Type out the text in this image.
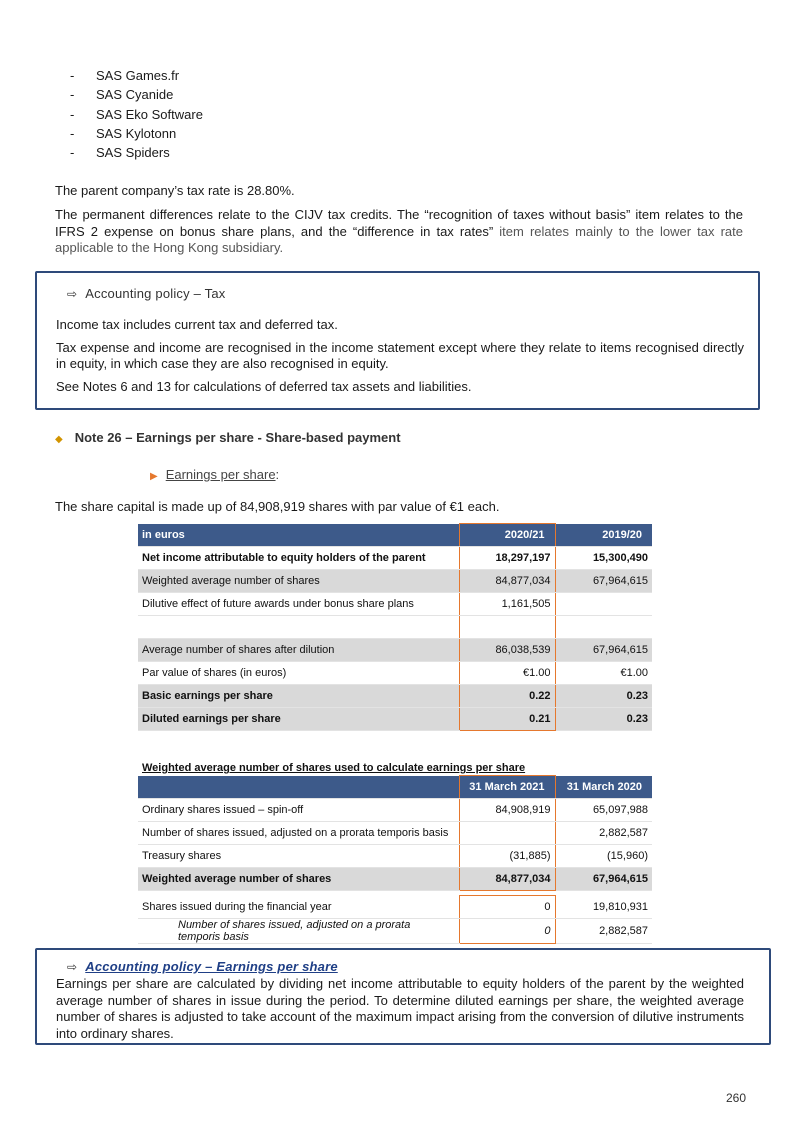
- SAS Games.fr
- SAS Cyanide
- SAS Eko Software
- SAS Kylotonn
- SAS Spiders

The parent company’s tax rate is 28.80%.

The permanent differences relate to the CIJV tax credits. The “recognition of taxes without basis” item relates to the IFRS 2 expense on bonus share plans, and the “difference in tax rates” item relates mainly to the lower tax rate applicable to the Hong Kong subsidiary.

⇨ Accounting policy – Tax

Income tax includes current tax and deferred tax.

Tax expense and income are recognised in the income statement except where they relate to items recognised directly in equity, in which case they are also recognised in equity.

See Notes 6 and 13 for calculations of deferred tax assets and liabilities.

◆ Note 26 – Earnings per share - Share-based payment
▶ Earnings per share:

The share capital is made up of 84,908,919 shares with par value of €1 each.

in euros	2020/21	2019/20
Net income attributable to equity holders of the parent	18,297,197	15,300,490
Weighted average number of shares	84,877,034	67,964,615
Dilutive effect of future awards under bonus share plans	1,161,505	

Average number of shares after dilution	86,038,539	67,964,615
Par value of shares (in euros)	€1.00	€1.00
Basic earnings per share	0.22	0.23
Diluted earnings per share	0.21	0.23
Weighted average number of shares used to calculate earnings per share
	31 March 2021	31 March 2020
Ordinary shares issued – spin-off	84,908,919	65,097,988
Number of shares issued, adjusted on a prorata temporis basis		2,882,587
Treasury shares	(31,885)	(15,960)
Weighted average number of shares	84,877,034	67,964,615
Shares issued during the financial year	0	19,810,931
Number of shares issued, adjusted on a prorata temporis basis	0	2,882,587
⇨ Accounting policy – Earnings per share

Earnings per share are calculated by dividing net income attributable to equity holders of the parent by the weighted average number of shares in issue during the period. To determine diluted earnings per share, the weighted average number of shares is adjusted to take account of the maximum impact arising from the conversion of dilutive instruments into ordinary shares.

260
